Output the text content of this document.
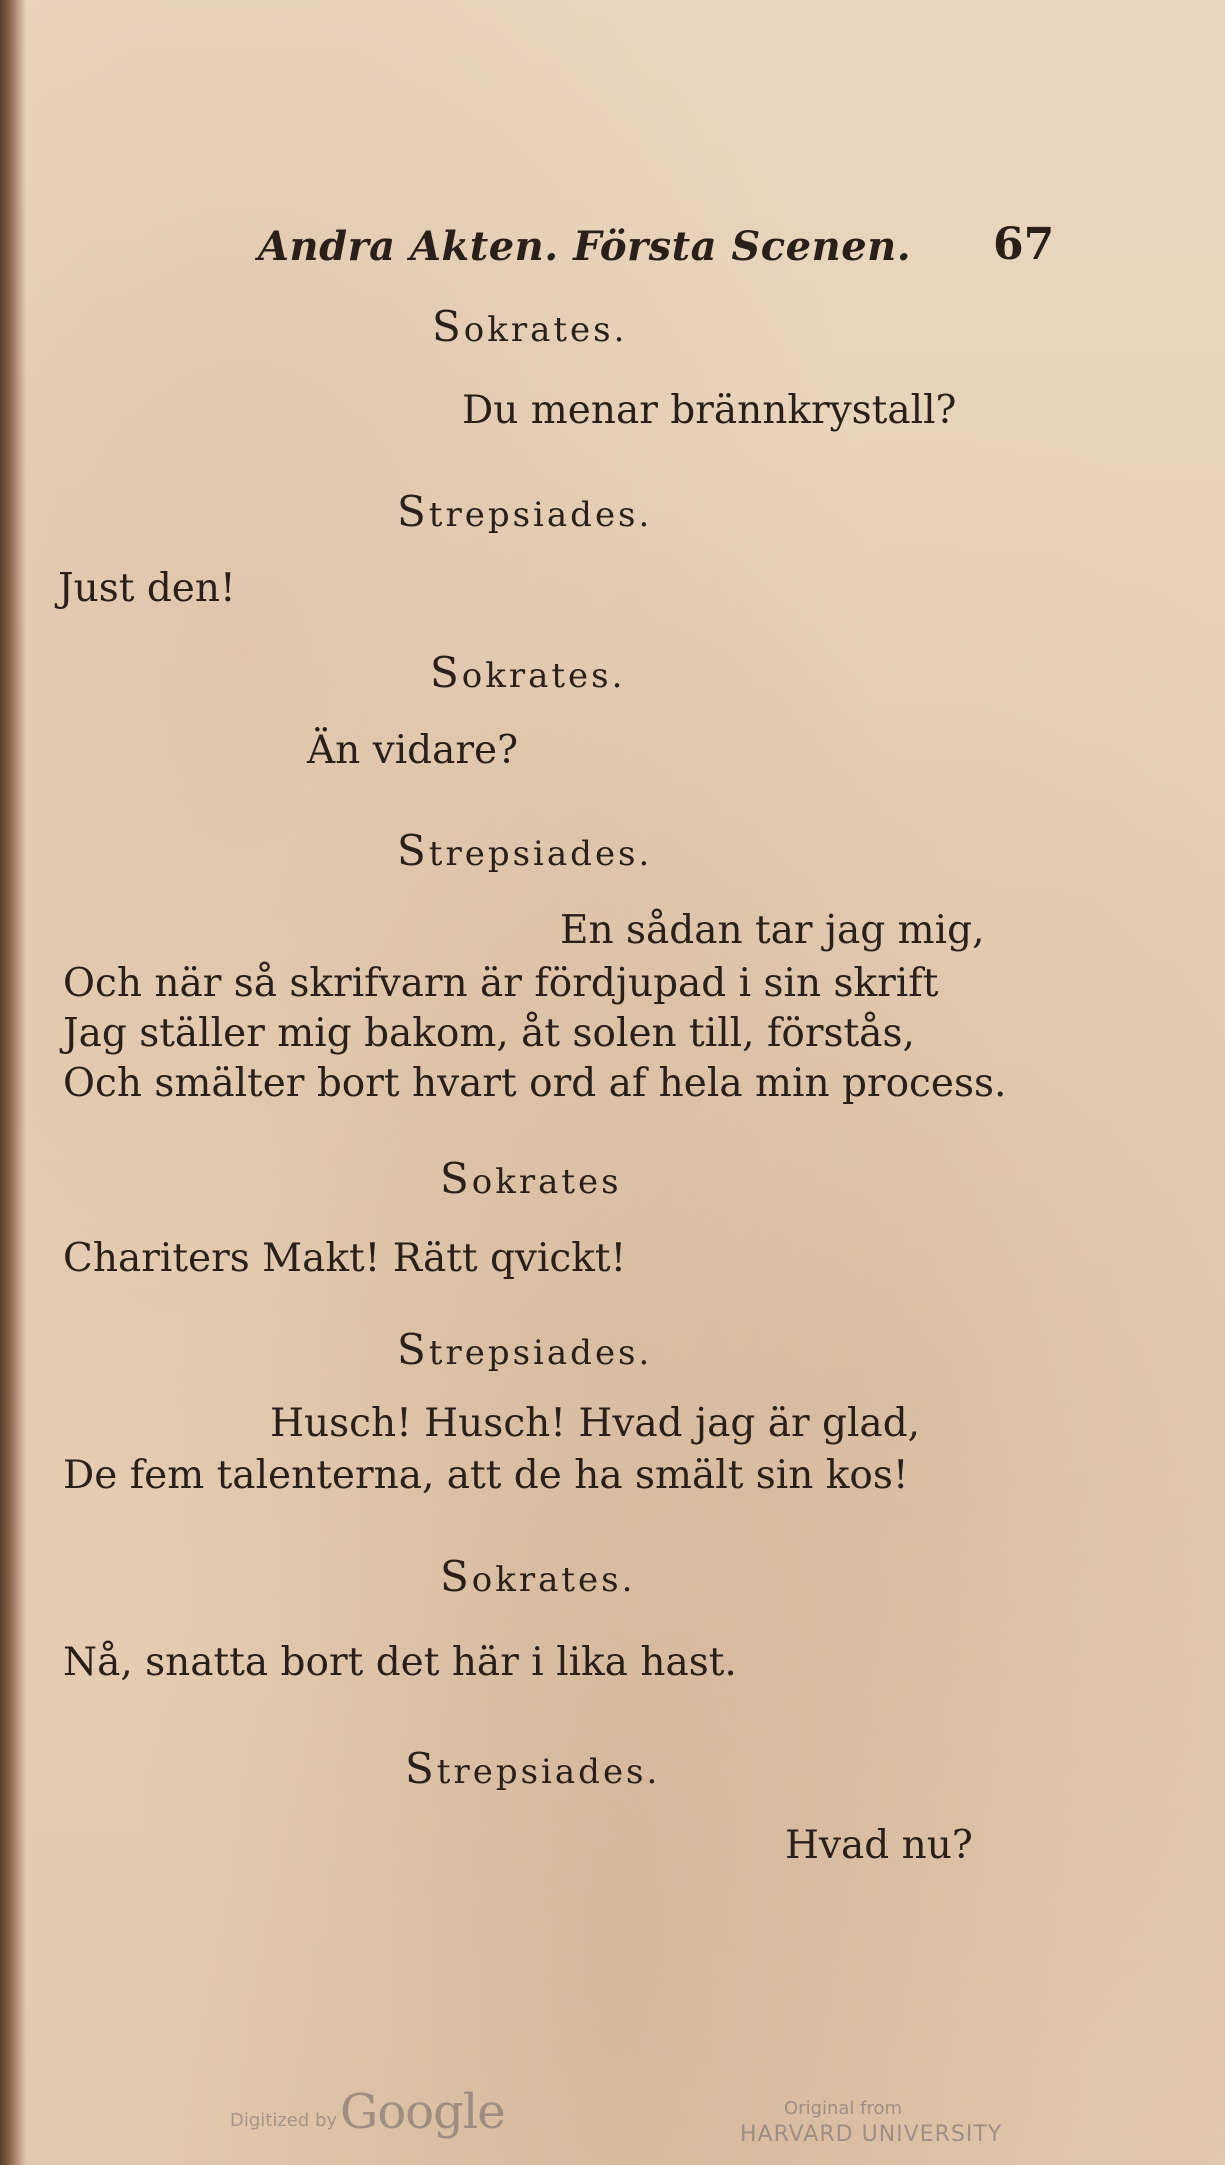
Andra Akten. Första Scenen. 67
Sokrates.
Du menar brännkrystall?
Strepsiades.
Just den!
Sokrates.
Än vidare?
Strepsiades.
En sådan tar jag mig,
Och när så skrifvarn är fördjupad i sin skrift
Jag ställer mig bakom, åt solen till, förstås,
Och smälter bort hvart ord af hela min process.
Sokrates
Chariters Makt! Rätt qvickt!
Strepsiades.
Husch! Husch! Hvad jag är glad,
De fem talenterna, att de ha smält sin kos!
Sokrates.
Nå, snatta bort det här i lika hast.
Strepsiades.
Hvad nu?
Digitized by Google	Original from
HARVARD UNIVERSITY
